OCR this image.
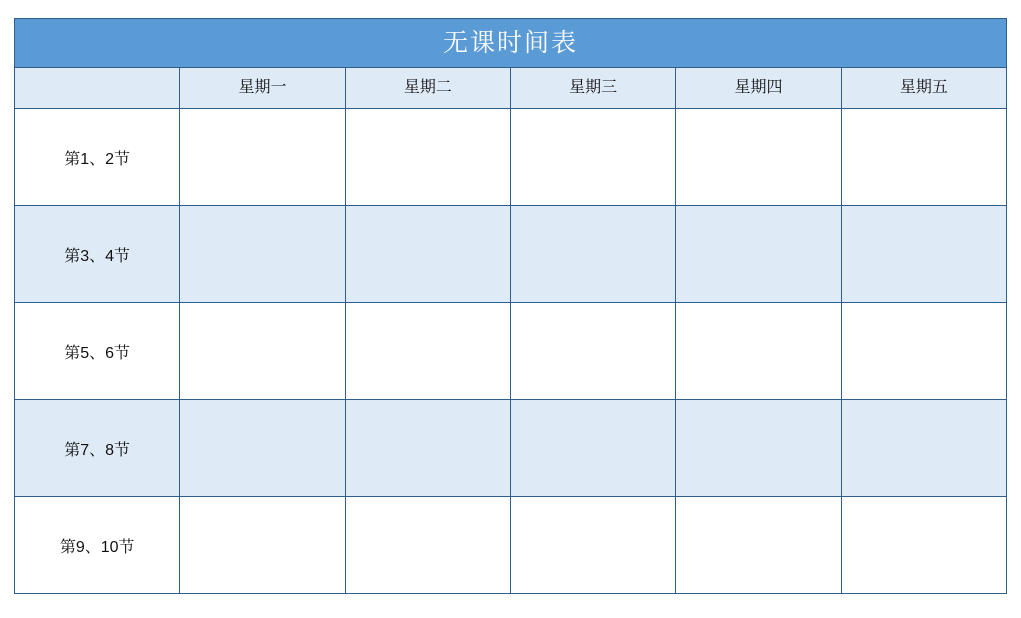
无课时间表					
	星期一	星期二	星期三	星期四	星期五
第1、2节					
第3、4节					
第5、6节					
第7、8节					
第9、10节					
